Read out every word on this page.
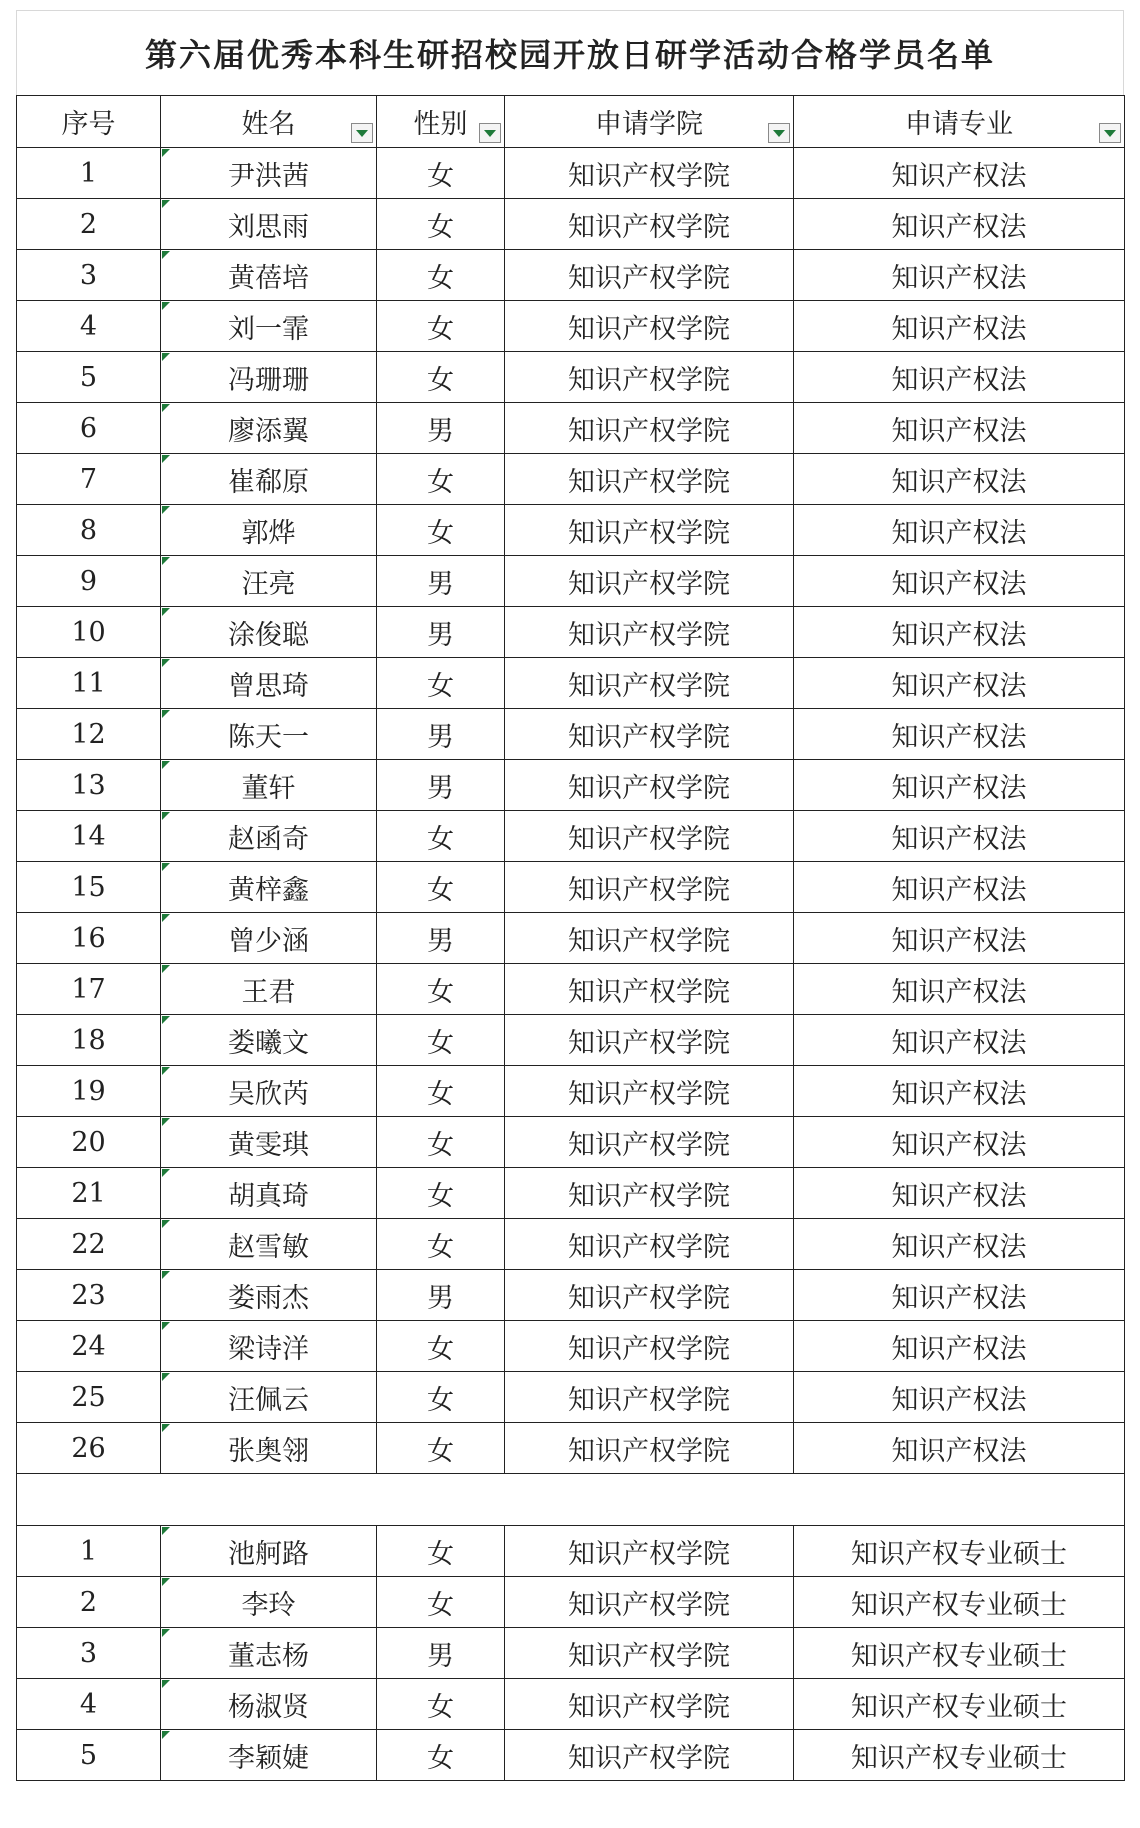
第六届优秀本科生研招校园开放日研学活动合格学员名单
序号	姓名	性别	申请学院	申请专业

1	尹洪茜	女	知识产权学院	知识产权法
2	刘思雨	女	知识产权学院	知识产权法
3	黄蓓培	女	知识产权学院	知识产权法
4	刘一霏	女	知识产权学院	知识产权法
5	冯珊珊	女	知识产权学院	知识产权法
6	廖添翼	男	知识产权学院	知识产权法
7	崔郗原	女	知识产权学院	知识产权法
8	郭烨	女	知识产权学院	知识产权法
9	汪亮	男	知识产权学院	知识产权法
10	涂俊聪	男	知识产权学院	知识产权法
11	曾思琦	女	知识产权学院	知识产权法
12	陈天一	男	知识产权学院	知识产权法
13	董轩	男	知识产权学院	知识产权法
14	赵函奇	女	知识产权学院	知识产权法
15	黄梓鑫	女	知识产权学院	知识产权法
16	曾少涵	男	知识产权学院	知识产权法
17	王君	女	知识产权学院	知识产权法
18	娄曦文	女	知识产权学院	知识产权法
19	吴欣芮	女	知识产权学院	知识产权法
20	黄雯琪	女	知识产权学院	知识产权法
21	胡真琦	女	知识产权学院	知识产权法
22	赵雪敏	女	知识产权学院	知识产权法
23	娄雨杰	男	知识产权学院	知识产权法
24	梁诗洋	女	知识产权学院	知识产权法
25	汪佩云	女	知识产权学院	知识产权法
26	张奥翎	女	知识产权学院	知识产权法

1	池舸路	女	知识产权学院	知识产权专业硕士
2	李玲	女	知识产权学院	知识产权专业硕士
3	董志杨	男	知识产权学院	知识产权专业硕士
4	杨淑贤	女	知识产权学院	知识产权专业硕士
5	李颖婕	女	知识产权学院	知识产权专业硕士
